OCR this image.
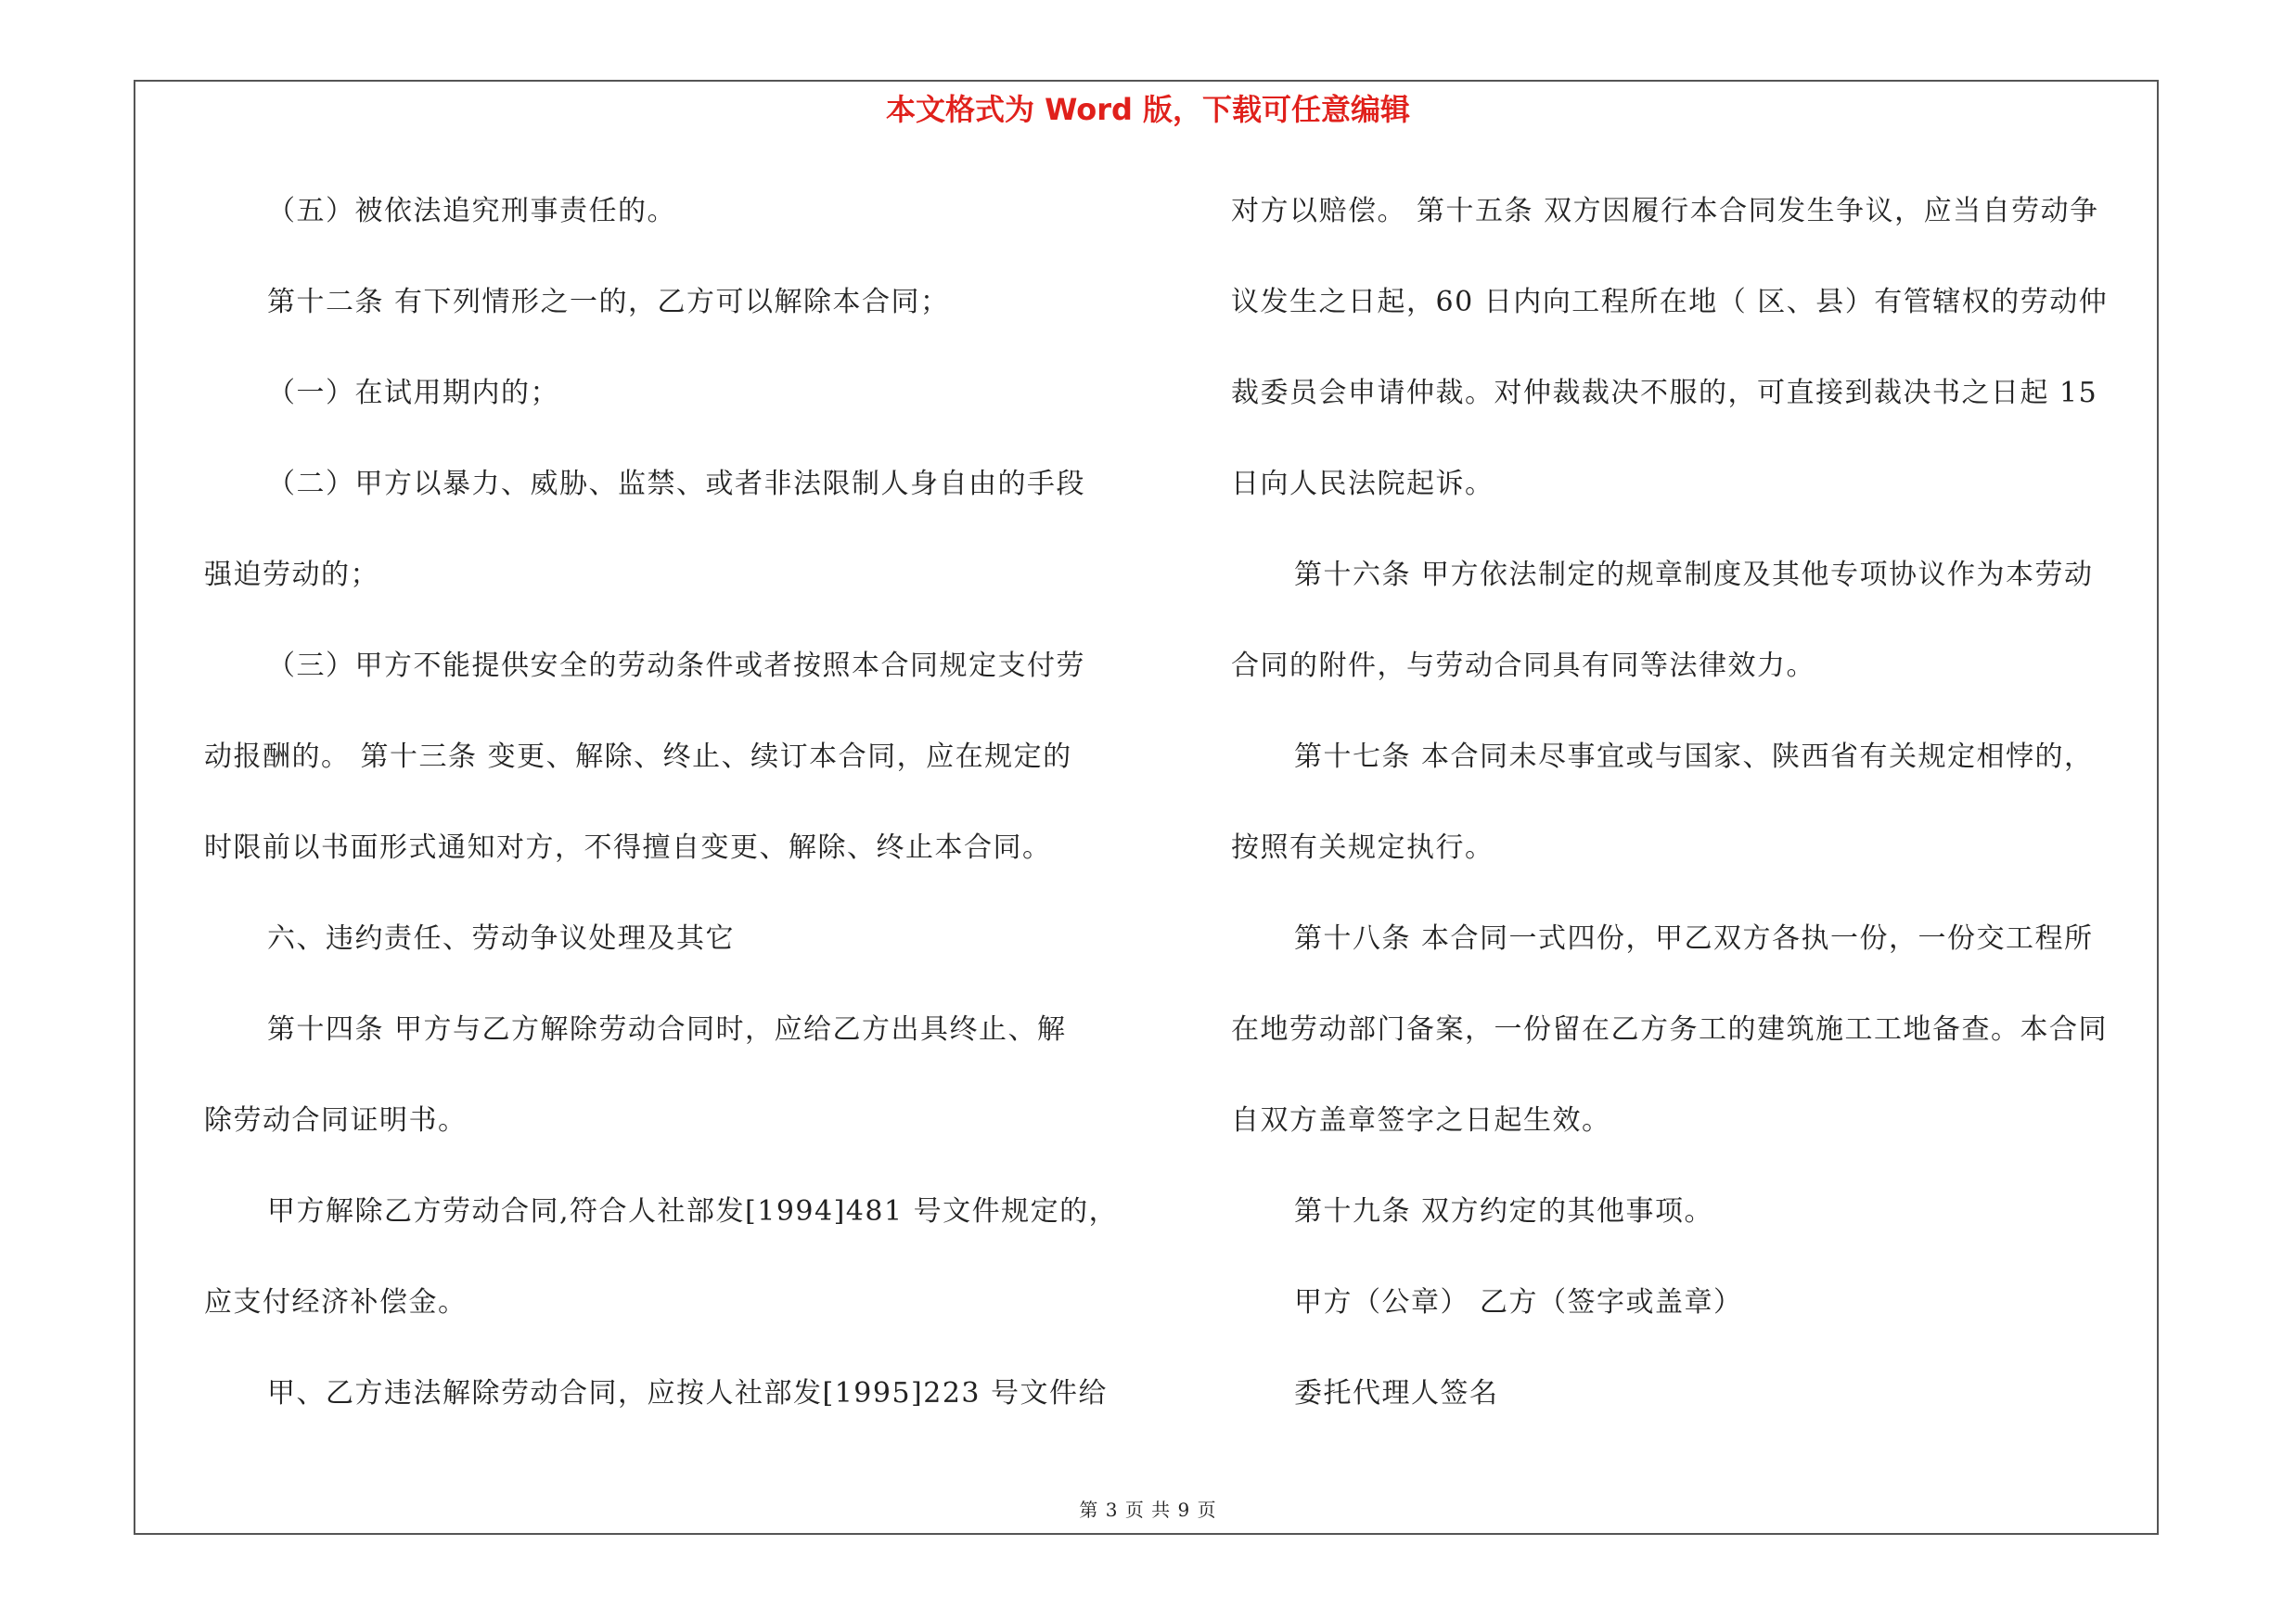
本文格式为 Word 版，下载可任意编辑
（五）被依法追究刑事责任的。
第十二条 有下列情形之一的，乙方可以解除本合同；
（一）在试用期内的；
（二）甲方以暴力、威胁、监禁、或者非法限制人身自由的手段
强迫劳动的；
（三）甲方不能提供安全的劳动条件或者按照本合同规定支付劳
动报酬的。 第十三条 变更、解除、终止、续订本合同，应在规定的
时限前以书面形式通知对方，不得擅自变更、解除、终止本合同。
六、违约责任、劳动争议处理及其它
第十四条 甲方与乙方解除劳动合同时，应给乙方出具终止、解
除劳动合同证明书。
甲方解除乙方劳动合同,符合人社部发[1994]481 号文件规定的，
应支付经济补偿金。
甲、乙方违法解除劳动合同，应按人社部发[1995]223 号文件给
对方以赔偿。 第十五条 双方因履行本合同发生争议，应当自劳动争
议发生之日起，60 日内向工程所在地（ 区、县）有管辖权的劳动仲
裁委员会申请仲裁。对仲裁裁决不服的，可直接到裁决书之日起 15
日向人民法院起诉。
第十六条 甲方依法制定的规章制度及其他专项协议作为本劳动
合同的附件，与劳动合同具有同等法律效力。
第十七条 本合同未尽事宜或与国家、陕西省有关规定相悖的，
按照有关规定执行。
第十八条 本合同一式四份，甲乙双方各执一份，一份交工程所
在地劳动部门备案，一份留在乙方务工的建筑施工工地备查。本合同
自双方盖章签字之日起生效。
第十九条 双方约定的其他事项。
甲方（公章） 乙方（签字或盖章）
委托代理人签名
第 3 页 共 9 页
